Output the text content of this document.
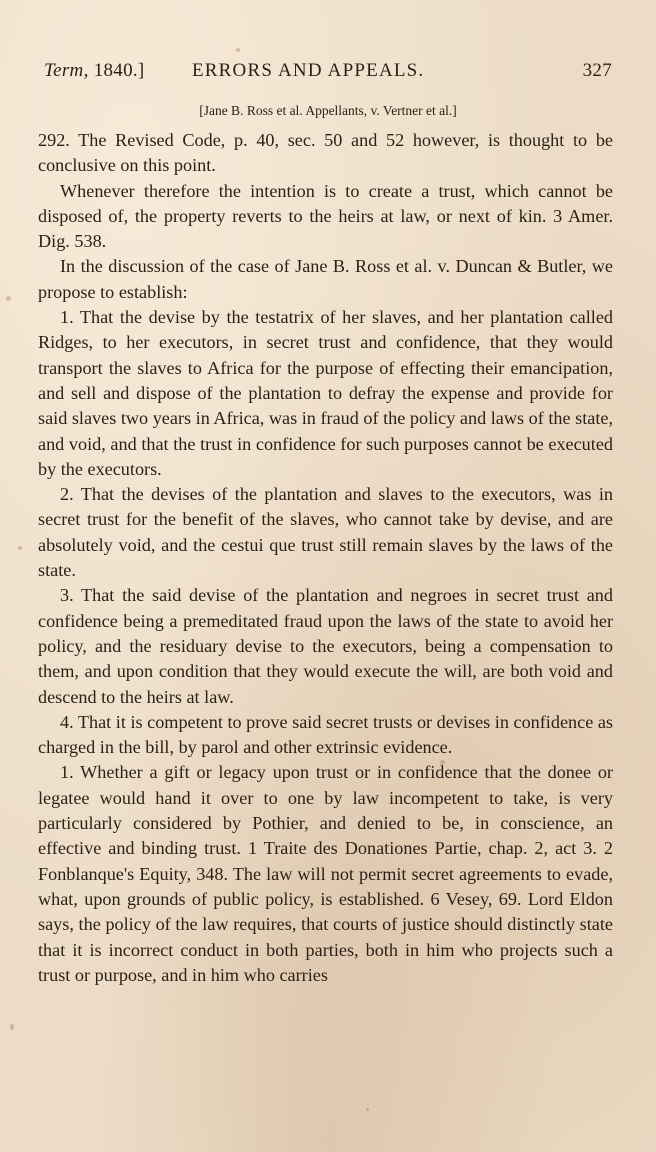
Term, 1840.] ERRORS AND APPEALS.	327
[Jane B. Ross et al. Appellants, v. Vertner et al.]

292. The Revised Code, p. 40, sec. 50 and 52 however, is thought to be conclusive on this point.

Whenever therefore the intention is to create a trust, which cannot be disposed of, the property reverts to the heirs at law, or next of kin. 3 Amer. Dig. 538.

In the discussion of the case of Jane B. Ross et al. v. Duncan & Butler, we propose to establish:

1. That the devise by the testatrix of her slaves, and her plantation called Ridges, to her executors, in secret trust and confidence, that they would transport the slaves to Africa for the purpose of effecting their emancipation, and sell and dispose of the plantation to defray the expense and provide for said slaves two years in Africa, was in fraud of the policy and laws of the state, and void, and that the trust in confidence for such purposes cannot be executed by the executors.

2. That the devises of the plantation and slaves to the executors, was in secret trust for the benefit of the slaves, who cannot take by devise, and are absolutely void, and the cestui que trust still remain slaves by the laws of the state.

3. That the said devise of the plantation and negroes in secret trust and confidence being a premeditated fraud upon the laws of the state to avoid her policy, and the residuary devise to the executors, being a compensation to them, and upon condition that they would execute the will, are both void and descend to the heirs at law.

4. That it is competent to prove said secret trusts or devises in confidence as charged in the bill, by parol and other extrinsic evidence.

1. Whether a gift or legacy upon trust or in confidence that the donee or legatee would hand it over to one by law incompetent to take, is very particularly considered by Pothier, and denied to be, in conscience, an effective and binding trust. 1 Traite des Donationes Partie, chap. 2, act 3. 2 Fonblanque's Equity, 348. The law will not permit secret agreements to evade, what, upon grounds of public policy, is established. 6 Vesey, 69. Lord Eldon says, the policy of the law requires, that courts of justice should distinctly state that it is incorrect conduct in both parties, both in him who projects such a trust or purpose, and in him who carries
